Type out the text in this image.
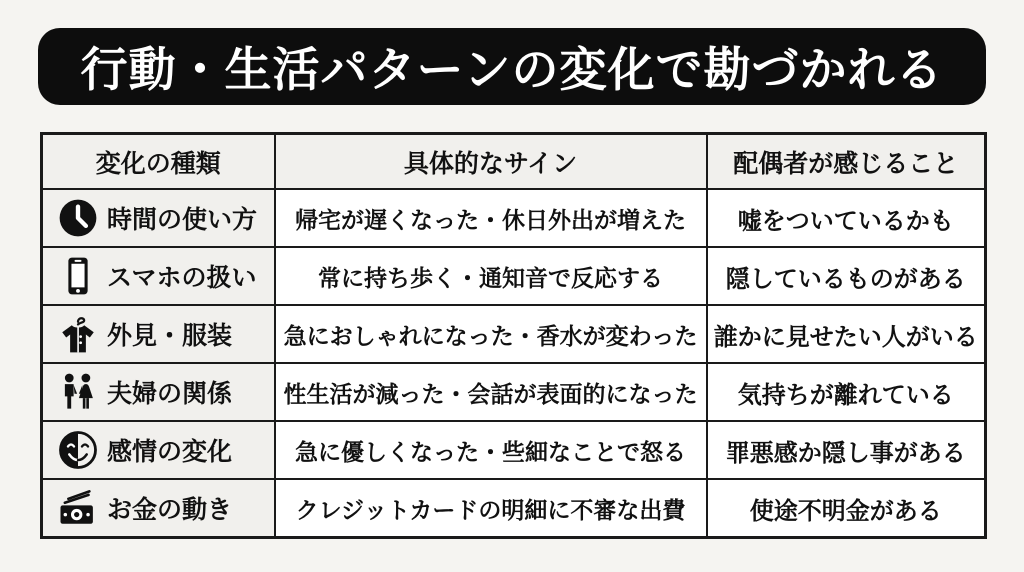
行動・生活パターンの変化で勘づかれる
変化の種類	具体的なサイン	配偶者が感じること

時間の使い方	帰宅が遅くなった・休日外出が増えた	嘘をついているかも

スマホの扱い	常に持ち歩く・通知音で反応する	隠しているものがある

外見・服装	急におしゃれになった・香水が変わった	誰かに見せたい人がいる

夫婦の関係	性生活が減った・会話が表面的になった	気持ちが離れている

感情の変化	急に優しくなった・些細なことで怒る	罪悪感か隠し事がある

お金の動き	クレジットカードの明細に不審な出費	使途不明金がある
